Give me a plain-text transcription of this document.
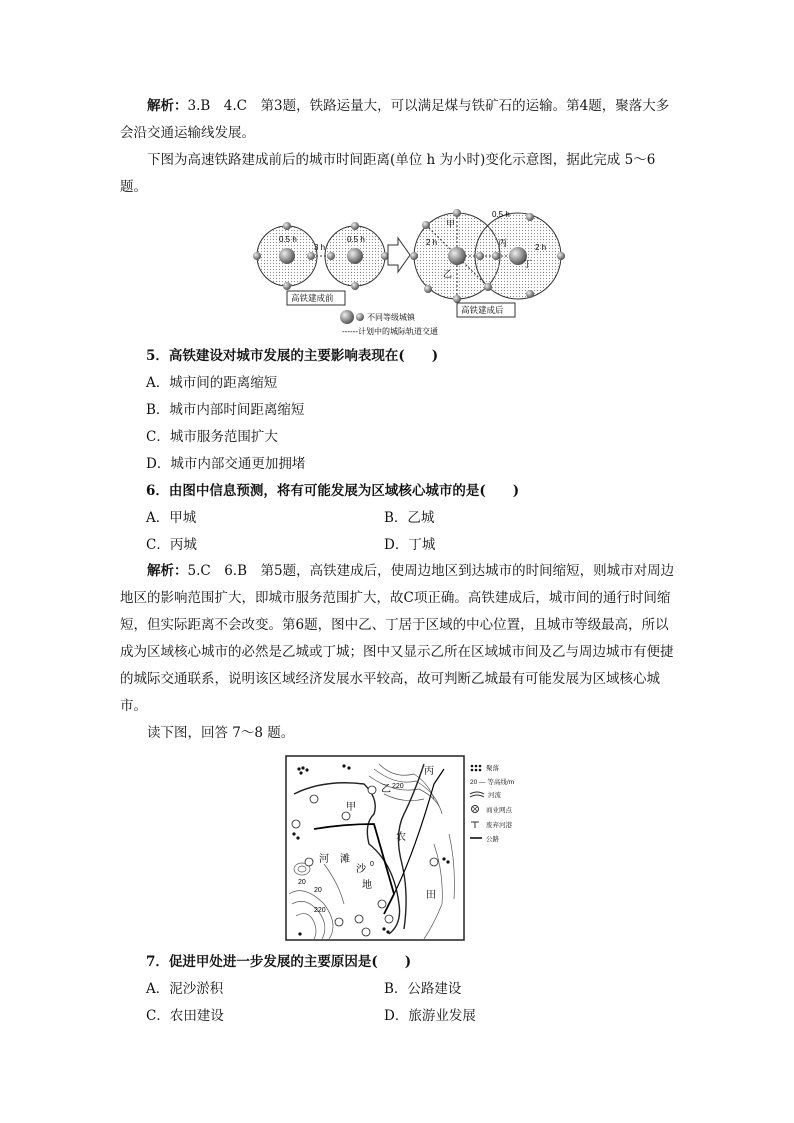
解析：3.B　4.C　第3题，铁路运量大，可以满足煤与铁矿石的运输。第4题，聚落大多会沿交通运输线发展。
下图为高速铁路建成前后的城市时间距离(单位 h 为小时)变化示意图，据此完成 5～6 题。
0.5 h
3 h
0.5 h
0.5 h
2 h
2 h
甲
乙
丙
丁
高铁建成前
高铁建成后
不同等级城镇
------计划中的城际轨道交通
5．高铁建设对城市发展的主要影响表现在(　　)
A．城市间的距离缩短
B．城市内部时间距离缩短
C．城市服务范围扩大
D．城市内部交通更加拥堵
6．由图中信息预测，将有可能发展为区域核心城市的是(　　)
A．甲城	B．乙城
C．丙城	D．丁城
解析：5.C　6.B　第5题，高铁建成后，使周边地区到达城市的时间缩短，则城市对周边地区的影响范围扩大，即城市服务范围扩大，故C项正确。高铁建成后，城市间的通行时间缩短，但实际距离不会改变。第6题，图中乙、丁居于区域的中心位置，且城市等级最高，所以成为区域核心城市的必然是乙城或丁城；图中又显示乙所在区域城市间及乙与周边城市有便捷的城际交通联系，说明该区域经济发展水平较高，故可判断乙城最有可能发展为区域核心城市。
读下图，回答 7～8 题。
丙
乙
甲
农
田
河 滩
沙
地
220
20
20
220
0
聚落
20 — 等高线/m
河流
商业网点
废弃河港
公路
7．促进甲处进一步发展的主要原因是(　　)
A．泥沙淤积	B．公路建设
C．农田建设	D．旅游业发展
